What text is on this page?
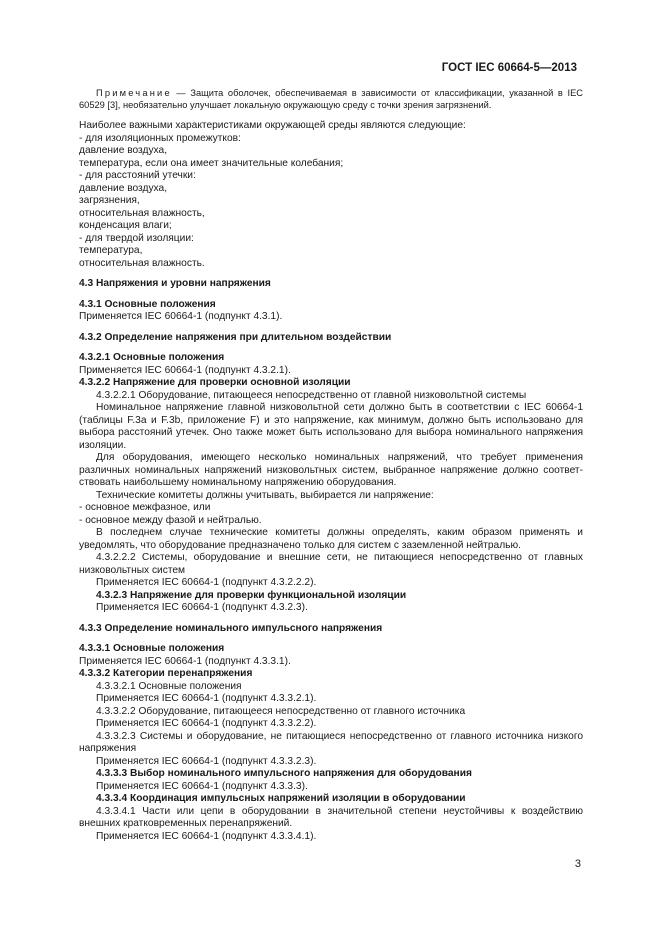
ГОСТ IEC 60664-5—2013

Примечание — Защита оболочек, обеспечиваемая в зависимости от классификации, указанной в IEC 60529 [3], необязательно улучшает локальную окружающую среду с точки зрения загрязнений.

Наиболее важными характеристиками окружающей среды являются следующие:

- для изоляционных промежутков:

давление воздуха,

температура, если она имеет значительные колебания;

- для расстояний утечки:

давление воздуха,

загрязнения,

относительная влажность,

конденсация влаги;

- для твердой изоляции:

температура,

относительная влажность.

4.3 Напряжения и уровни напряжения

4.3.1 Основные положения

Применяется IEC 60664-1 (подпункт 4.3.1).

4.3.2 Определение напряжения при длительном воздействии

4.3.2.1 Основные положения

Применяется IEC 60664-1 (подпункт 4.3.2.1).

4.3.2.2 Напряжение для проверки основной изоляции

4.3.2.2.1 Оборудование, питающееся непосредственно от главной низковольтной системы

Номинальное напряжение главной низковольтной сети должно быть в соответствии с IEC 60664-1 (таблицы F.3a и F.3b, приложение F) и это напряжение, как минимум, должно быть использовано для выбора расстояний утечек. Оно также может быть использовано для выбора номинального напряжения изоляции.

Для оборудования, имеющего несколько номинальных напряжений, что требует применения различных номинальных напряжений низковольтных систем, выбранное напряжение должно соответствовать наибольшему номинальному напряжению оборудования.

Технические комитеты должны учитывать, выбирается ли напряжение:

- основное межфазное, или

- основное между фазой и нейтралью.

В последнем случае технические комитеты должны определять, каким образом применять и уведомлять, что оборудование предназначено только для систем с заземленной нейтралью.

4.3.2.2.2 Системы, оборудование и внешние сети, не питающиеся непосредственно от главных низковольтных систем

Применяется IEC 60664-1 (подпункт 4.3.2.2.2).

4.3.2.3 Напряжение для проверки функциональной изоляции

Применяется IEC 60664-1 (подпункт 4.3.2.3).

4.3.3 Определение номинального импульсного напряжения

4.3.3.1 Основные положения

Применяется IEC 60664-1 (подпункт 4.3.3.1).

4.3.3.2 Категории перенапряжения

4.3.3.2.1 Основные положения

Применяется IEC 60664-1 (подпункт 4.3.3.2.1).

4.3.3.2.2 Оборудование, питающееся непосредственно от главного источника

Применяется IEC 60664-1 (подпункт 4.3.3.2.2).

4.3.3.2.3 Системы и оборудование, не питающиеся непосредственно от главного источника низкого напряжения

Применяется IEC 60664-1 (подпункт 4.3.3.2.3).

4.3.3.3 Выбор номинального импульсного напряжения для оборудования

Применяется IEC 60664-1 (подпункт 4.3.3.3).

4.3.3.4 Координация импульсных напряжений изоляции в оборудовании

4.3.3.4.1 Части или цепи в оборудовании в значительной степени неустойчивы к воздействию внешних кратковременных перенапряжений.

Применяется IEC 60664-1 (подпункт 4.3.3.4.1).

3
